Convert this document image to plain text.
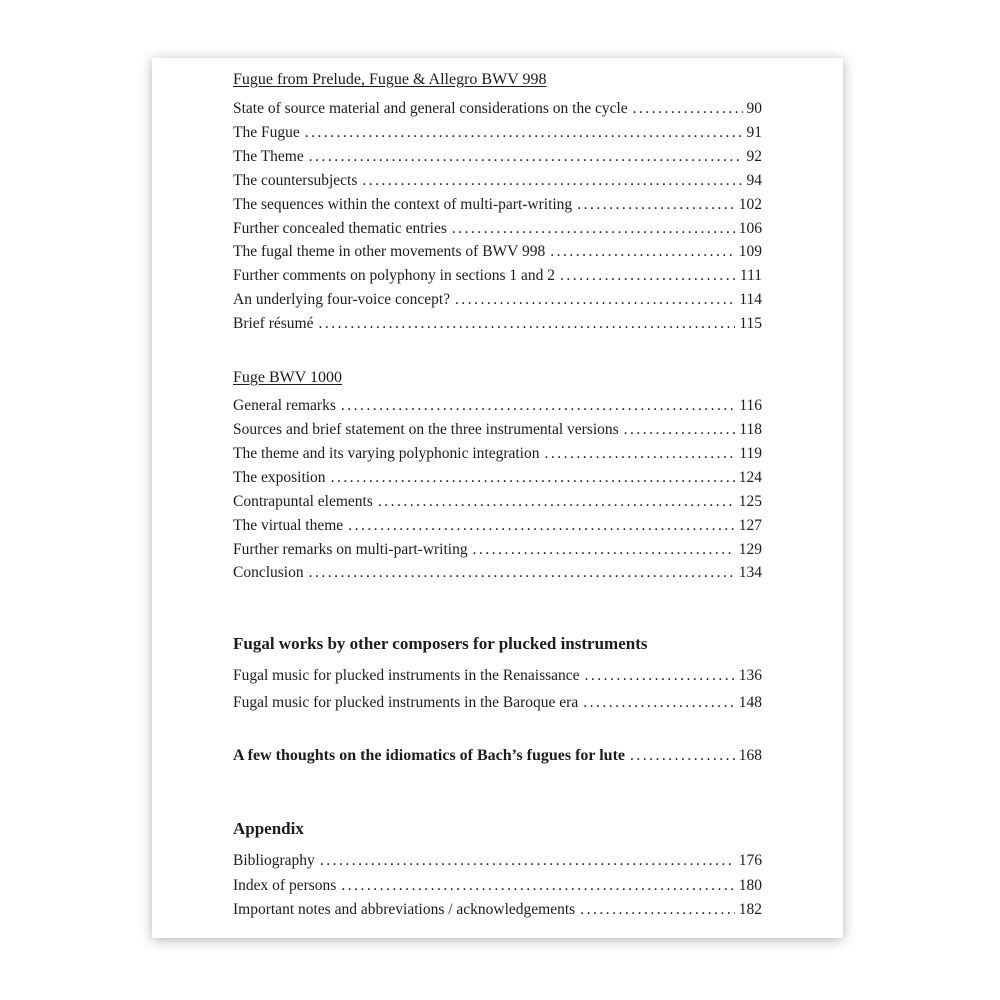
Fugue from Prelude, Fugue & Allegro BWV 998
State of source material and general considerations on the cycle .....	90
The Fugue .....	91
The Theme .....	92
The countersubjects .....	94
The sequences within the context of multi-part-writing .....	102
Further concealed thematic entries .....	106
The fugal theme in other movements of BWV 998 .....	109
Further comments on polyphony in sections 1 and 2 .....	111
An underlying four-voice concept? .....	114
Brief résumé .....	115
Fuge BWV 1000
General remarks .....	116
Sources and brief statement on the three instrumental versions .....	118
The theme and its varying polyphonic integration .....	119
The exposition .....	124
Contrapuntal elements .....	125
The virtual theme .....	127
Further remarks on multi-part-writing .....	129
Conclusion .....	134
Fugal works by other composers for plucked instruments
Fugal music for plucked instruments in the Renaissance .....	136
Fugal music for plucked instruments in the Baroque era .....	148
A few thoughts on the idiomatics of Bach’s fugues for lute .....	168
Appendix
Bibliography .....	176
Index of persons .....	180
Important notes and abbreviations / acknowledgements .....	182
